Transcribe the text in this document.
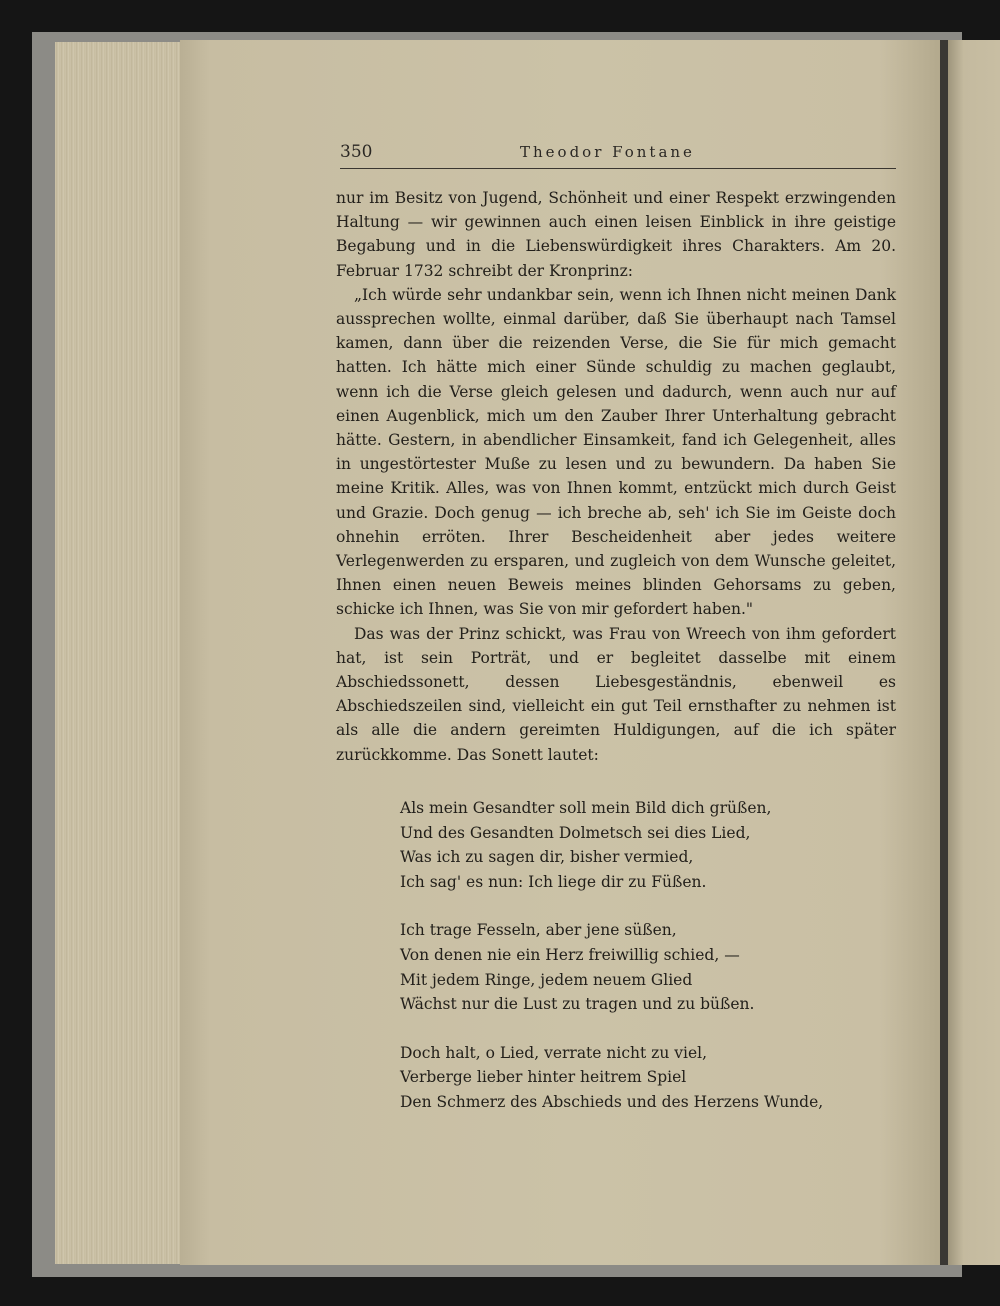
350	Theodor Fontane

nur im Besitz von Jugend, Schönheit und einer Respekt erzwingenden Haltung — wir gewinnen auch einen leisen Einblick in ihre geistige Begabung und in die Liebenswürdigkeit ihres Charakters. Am 20. Februar 1732 schreibt der Kronprinz:

„Ich würde sehr undankbar sein, wenn ich Ihnen nicht meinen Dank aussprechen wollte, einmal darüber, daß Sie überhaupt nach Tamsel kamen, dann über die reizenden Verse, die Sie für mich gemacht hatten. Ich hätte mich einer Sünde schuldig zu machen geglaubt, wenn ich die Verse gleich gelesen und dadurch, wenn auch nur auf einen Augenblick, mich um den Zauber Ihrer Unterhaltung gebracht hätte. Gestern, in abendlicher Einsamkeit, fand ich Gelegenheit, alles in ungestörtester Muße zu lesen und zu bewundern. Da haben Sie meine Kritik. Alles, was von Ihnen kommt, entzückt mich durch Geist und Grazie. Doch genug — ich breche ab, seh' ich Sie im Geiste doch ohnehin erröten. Ihrer Bescheidenheit aber jedes weitere Verlegenwerden zu ersparen, und zugleich von dem Wunsche geleitet, Ihnen einen neuen Beweis meines blinden Gehorsams zu geben, schicke ich Ihnen, was Sie von mir gefordert haben."

Das was der Prinz schickt, was Frau von Wreech von ihm gefordert hat, ist sein Porträt, und er begleitet dasselbe mit einem Abschiedssonett, dessen Liebesgeständnis, ebenweil es Abschiedszeilen sind, vielleicht ein gut Teil ernsthafter zu nehmen ist als alle die andern gereimten Huldigungen, auf die ich später zurückkomme. Das Sonett lautet:

Als mein Gesandter soll mein Bild dich grüßen,
Und des Gesandten Dolmetsch sei dies Lied,
Was ich zu sagen dir, bisher vermied,
Ich sag' es nun: Ich liege dir zu Füßen.
Ich trage Fesseln, aber jene süßen,
Von denen nie ein Herz freiwillig schied, —
Mit jedem Ringe, jedem neuem Glied
Wächst nur die Lust zu tragen und zu büßen.
Doch halt, o Lied, verrate nicht zu viel,
Verberge lieber hinter heitrem Spiel
Den Schmerz des Abschieds und des Herzens Wunde,
